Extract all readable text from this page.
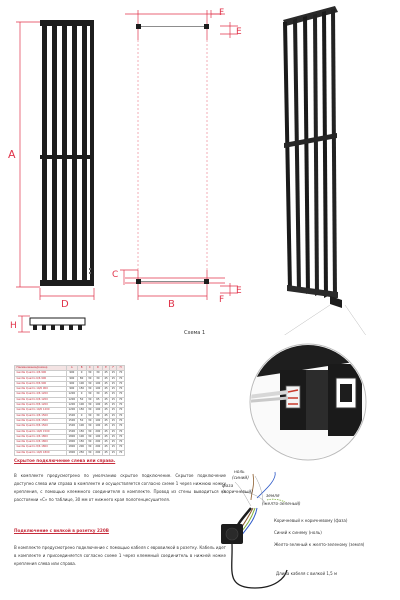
A
D	B
C
F
E
E
F
H
Схема 1
Наименование/размер	A	B	C	D	E	F	H
Gentle Quadro 4/6 900	900	0	30	30	45	15	70
Gentle Quadro 6/6 900	900	80	30	30	45	15	70
Gentle Quadro 8/6 900	900	100	30	100	45	15	70
Gentle Quadro 10/6 900	900	150	30	100	45	15	70
Gentle Quadro 4/6 1200	1200	0	30	30	45	15	70
Gentle Quadro 6/6 1200	1200	50	30	65	45	15	70
Gentle Quadro 8/6 1200	1200	100	30	100	45	15	70
Gentle Quadro 10/6 1200	1200	150	30	100	45	15	70
Gentle Quadro 4/6 1500	1500	0	30	30	45	15	70
Gentle Quadro 6/6 1500	1500	50	30	100	45	15	70
Gentle Quadro 8/6 1500	1500	100	30	100	45	15	70
Gentle Quadro 10/6 1500	1500	150	30	200	45	15	70
Gentle Quadro 4/6 1800	1800	100	30	100	45	15	70
Gentle Quadro 6/6 1800	1800	150	30	200	45	15	70
Gentle Quadro 8/6 1800	1800	200	30	200	45	15	70
Gentle Quadro 10/6 1800	1800	250	30	200	45	15	70
Скрытое подключение слева или справа.
В комплекте предусмотрено по умолчанию скрытое подключение. Скрытое подключение доступно слева или справа в комплекте и осуществляется согласно схеме 1 через нижнюю ножку крепления, с помощью клеммного соединителя в комплекте. Провод из стены выводиться на расстоянии «С» по таблице, 30 мм от нижнего края полотенцесушителя.
Подключение с вилкой в розетку 220В
В комплекте предусмотрено подключение с помощью кабеля с евровилкой в розетку. Кабель идет в комплекте и присоединяется согласно схеме 1 через клеммный соединитель в нижней ножке крепления слева или справа.
ноль
(синий)
фаза
(коричневый)
земля
(желто-зеленый)
Коричневый к коричневому (фаза)
Синий к синему (ноль)
Желто-зеленый к желто-зеленому (земля)
Длина кабеля с вилкой 1,5 м
